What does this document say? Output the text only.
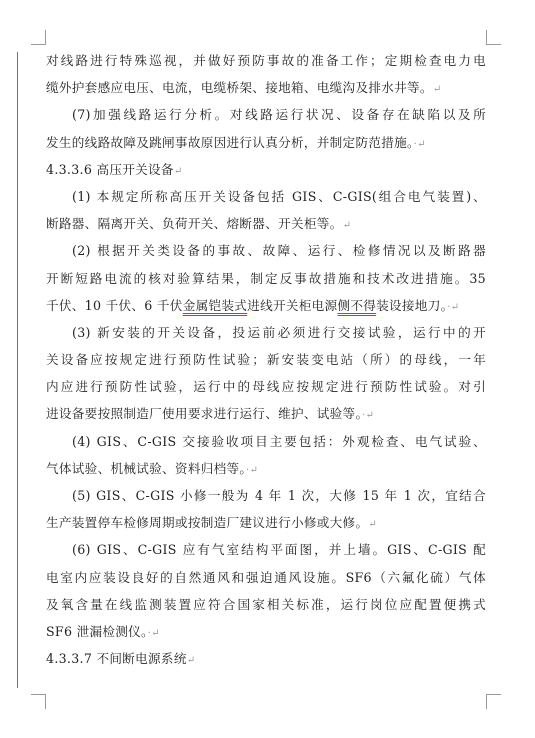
对线路进行特殊巡视，并做好预防事故的准备工作；定期检查电力电
缆外护套感应电压、电流，电缆桥架、接地箱、电缆沟及排水井等。↵
(7)加强线路运行分析。对线路运行状况、设备存在缺陷以及所
发生的线路故障及跳闸事故原因进行认真分析，并制定防范措施。·↵
4.3.3.6 高压开关设备↵
(1) 本规定所称高压开关设备包括 GIS、C-GIS(组合电气装置)、
断路器、隔离开关、负荷开关、熔断器、开关柜等。↵
(2) 根据开关类设备的事故、故障、运行、检修情况以及断路器
开断短路电流的核对验算结果，制定反事故措施和技术改进措施。35
千伏、10 千伏、6 千伏金属铠装式进线开关柜电源侧不得装设接地刀。·↵
(3) 新安装的开关设备，投运前必须进行交接试验，运行中的开
关设备应按规定进行预防性试验；新安装变电站（所）的母线，一年
内应进行预防性试验，运行中的母线应按规定进行预防性试验。对引
进设备要按照制造厂使用要求进行运行、维护、试验等。·↵
(4) GIS、C-GIS 交接验收项目主要包括：外观检查、电气试验、
气体试验、机械试验、资料归档等。·↵
(5) GIS、C-GIS 小修一般为 4 年 1 次，大修 15 年 1 次，宜结合
生产装置停车检修周期或按制造厂建议进行小修或大修。↵
(6) GIS、C-GIS 应有气室结构平面图，并上墙。GIS、C-GIS 配
电室内应装设良好的自然通风和强迫通风设施。SF6（六氟化硫）气体
及氧含量在线监测装置应符合国家相关标准，运行岗位应配置便携式
SF6 泄漏检测仪。·↵
4.3.3.7 不间断电源系统↵
